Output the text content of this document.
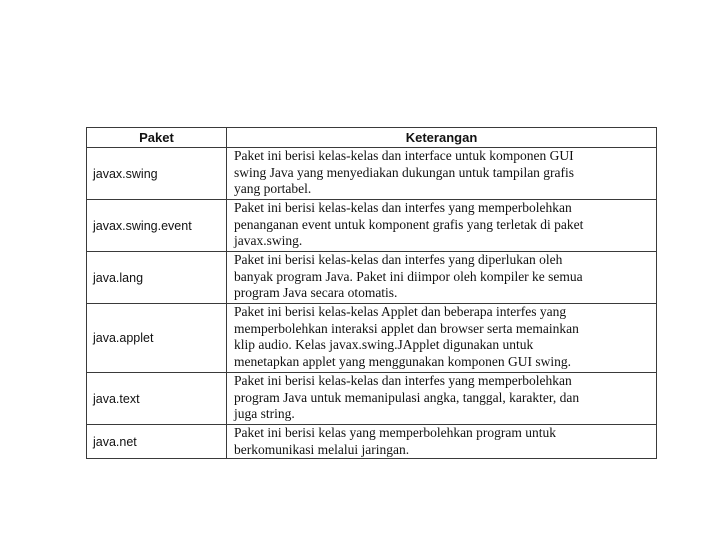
Paket	Keterangan
javax.swing	Paket ini berisi kelas-kelas dan interface untuk komponen GUI
swing Java yang menyediakan dukungan untuk tampilan grafis
yang portabel.

javax.swing.event	Paket ini berisi kelas-kelas dan interfes yang memperbolehkan
penanganan event untuk komponent grafis yang terletak di paket
javax.swing.

java.lang	Paket ini berisi kelas-kelas dan interfes yang diperlukan oleh
banyak program Java. Paket ini diimpor oleh kompiler ke semua
program Java secara otomatis.

java.applet	Paket ini berisi kelas-kelas Applet dan beberapa interfes yang
memperbolehkan interaksi applet dan browser serta memainkan
klip audio. Kelas javax.swing.JApplet digunakan untuk
menetapkan applet yang menggunakan komponen GUI swing.

java.text	Paket ini berisi kelas-kelas dan interfes yang memperbolehkan
program Java untuk memanipulasi angka, tanggal, karakter, dan
juga string.

java.net	Paket ini berisi kelas yang memperbolehkan program untuk
berkomunikasi melalui jaringan.
